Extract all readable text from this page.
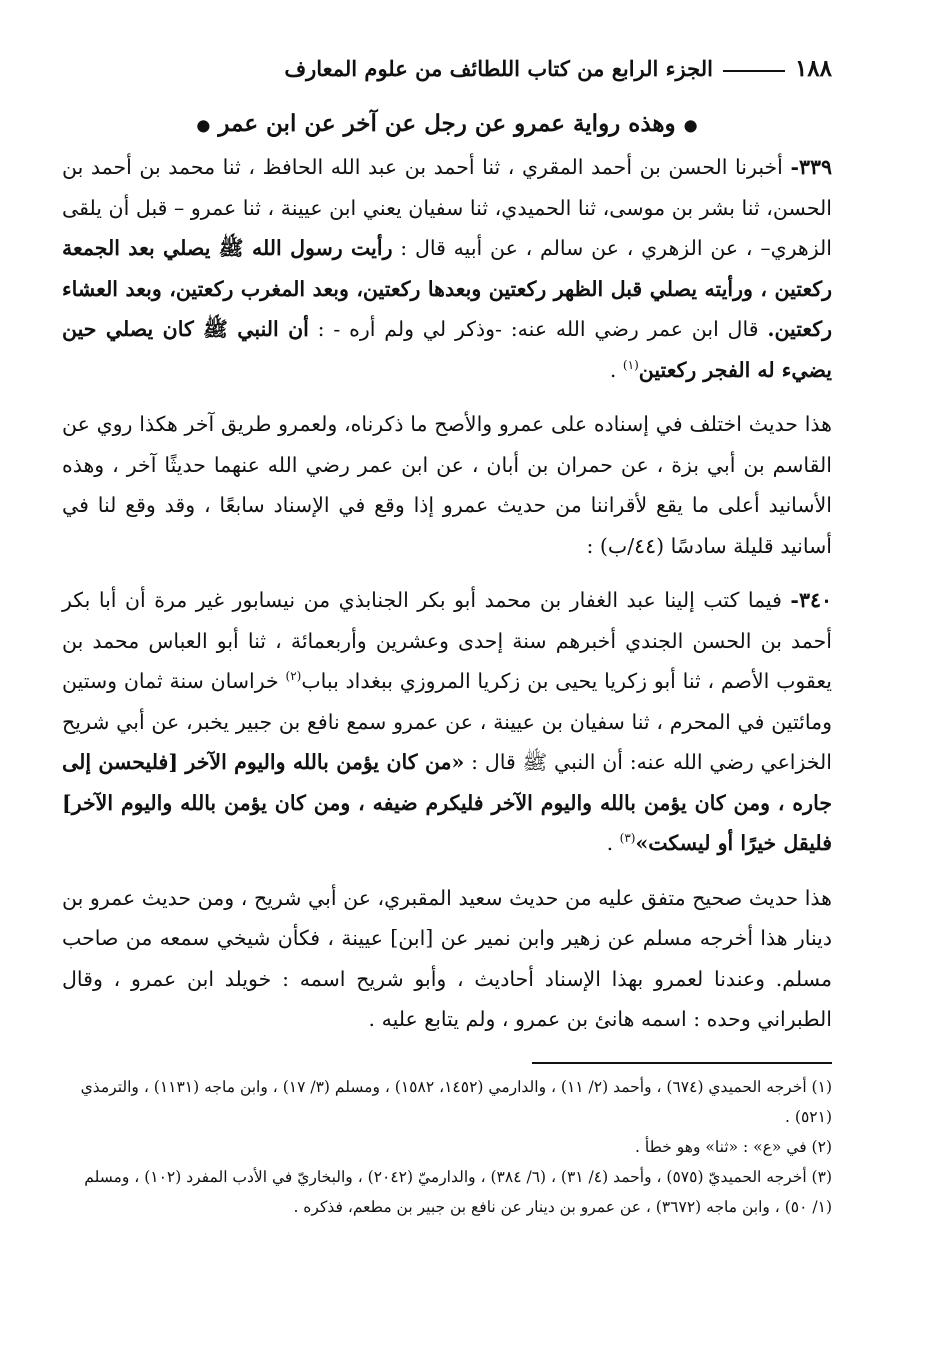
١٨٨
الجزء الرابع من كتاب اللطائف من علوم المعارف
● وهذه رواية عمرو عن رجل عن آخر عن ابن عمر ●

٣٣٩- أخبرنا الحسن بن أحمد المقري ، ثنا أحمد بن عبد الله الحافظ ، ثنا محمد بن أحمد بن الحسن، ثنا بشر بن موسى، ثنا الحميدي، ثنا سفيان يعني ابن عيينة ، ثنا عمرو – قبل أن يلقى الزهري– ، عن الزهري ، عن سالم ، عن أبيه قال : رأيت رسول الله ﷺ يصلي بعد الجمعة ركعتين ، ورأيته يصلي قبل الظهر ركعتين وبعدها ركعتين، وبعد المغرب ركعتين، وبعد العشاء ركعتين. قال ابن عمر رضي الله عنه: -وذكر لي ولم أره - : أن النبي ﷺ كان يصلي حين يضيء له الفجر ركعتين$^{(١)}$ .

هذا حديث اختلف في إسناده على عمرو والأصح ما ذكرناه، ولعمرو طريق آخر هكذا روي عن القاسم بن أبي بزة ، عن حمران بن أبان ، عن ابن عمر رضي الله عنهما حديثًا آخر ، وهذه الأسانيد أعلى ما يقع لأقراننا من حديث عمرو إذا وقع في الإسناد سابعًا ، وقد وقع لنا في أسانيد قليلة سادسًا (٤٤/ب) :

٣٤٠- فيما كتب إلينا عبد الغفار بن محمد أبو بكر الجنابذي من نيسابور غير مرة أن أبا بكر أحمد بن الحسن الجندي أخبرهم سنة إحدى وعشرين وأربعمائة ، ثنا أبو العباس محمد بن يعقوب الأصم ، ثنا أبو زكريا يحيى بن زكريا المروزي ببغداد بباب$^{(٢)}$ خراسان سنة ثمان وستين ومائتين في المحرم ، ثنا سفيان بن عيينة ، عن عمرو سمع نافع بن جبير يخبر، عن أبي شريح الخزاعي رضي الله عنه: أن النبي ﷺ قال : «من كان يؤمن بالله واليوم الآخر [فليحسن إلى جاره ، ومن كان يؤمن بالله واليوم الآخر فليكرم ضيفه ، ومن كان يؤمن بالله واليوم الآخر] فليقل خيرًا أو ليسكت»$^{(٣)}$ .

هذا حديث صحيح متفق عليه من حديث سعيد المقبري، عن أبي شريح ، ومن حديث عمرو بن دينار هذا أخرجه مسلم عن زهير وابن نمير عن [ابن] عيينة ، فكأن شيخي سمعه من صاحب مسلم. وعندنا لعمرو بهذا الإسناد أحاديث ، وأبو شريح اسمه : خويلد ابن عمرو ، وقال الطبراني وحده : اسمه هانئ بن عمرو ، ولم يتابع عليه .

(١) أخرجه الحميدي (٦٧٤) ، وأحمد (٢/ ١١) ، والدارمي (١٤٥٢، ١٥٨٢) ، ومسلم (٣/ ١٧) ، وابن ماجه (١١٣١) ، والترمذي (٥٢١) .

(٢) في «ع» : «ثنا» وهو خطأ .

(٣) أخرجه الحميديّ (٥٧٥) ، وأحمد (٤/ ٣١) ، (٦/ ٣٨٤) ، والدارميّ (٢٠٤٢) ، والبخاريّ في الأدب المفرد (١٠٢) ، ومسلم (١/ ٥٠) ، وابن ماجه (٣٦٧٢) ، عن عمرو بن دينار عن نافع بن جبير بن مطعم، فذكره .
